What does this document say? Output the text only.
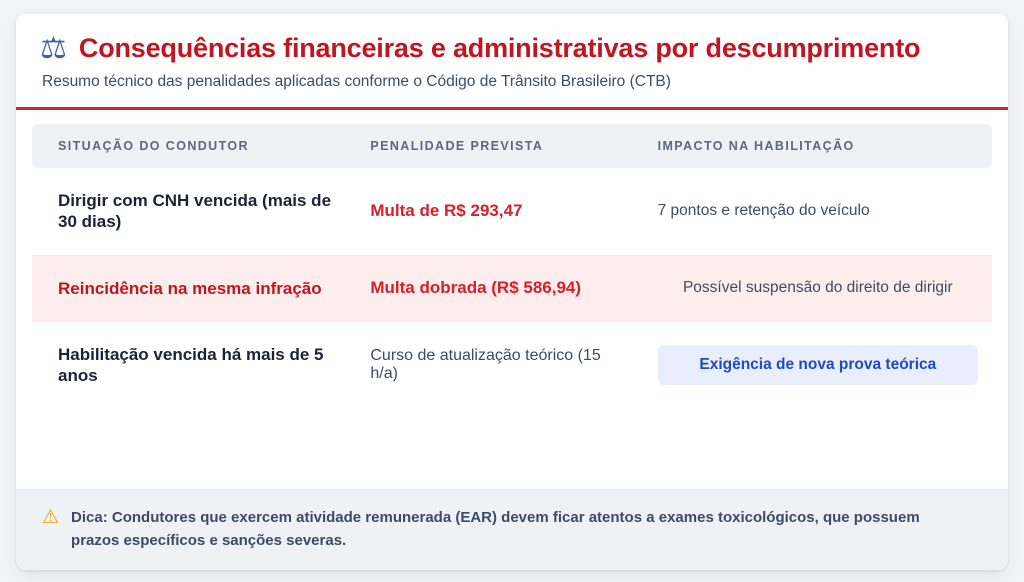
⚖ Consequências financeiras e administrativas por descumprimento
Resumo técnico das penalidades aplicadas conforme o Código de Trânsito Brasileiro (CTB)
SITUAÇÃO DO CONDUTOR	PENALIDADE PREVISTA	IMPACTO NA HABILITAÇÃO
Dirigir com CNH vencida (mais de 30 dias)	Multa de R$ 293,47	7 pontos e retenção do veículo
Reincidência na mesma infração	Multa dobrada (R$ 586,94)	Possível suspensão do direito de dirigir
Habilitação vencida há mais de 5 anos	Curso de atualização teórico (15 h/a)	Exigência de nova prova teórica
⚠ Dica: Condutores que exercem atividade remunerada (EAR) devem ficar atentos a exames toxicológicos, que possuem prazos específicos e sanções severas.
